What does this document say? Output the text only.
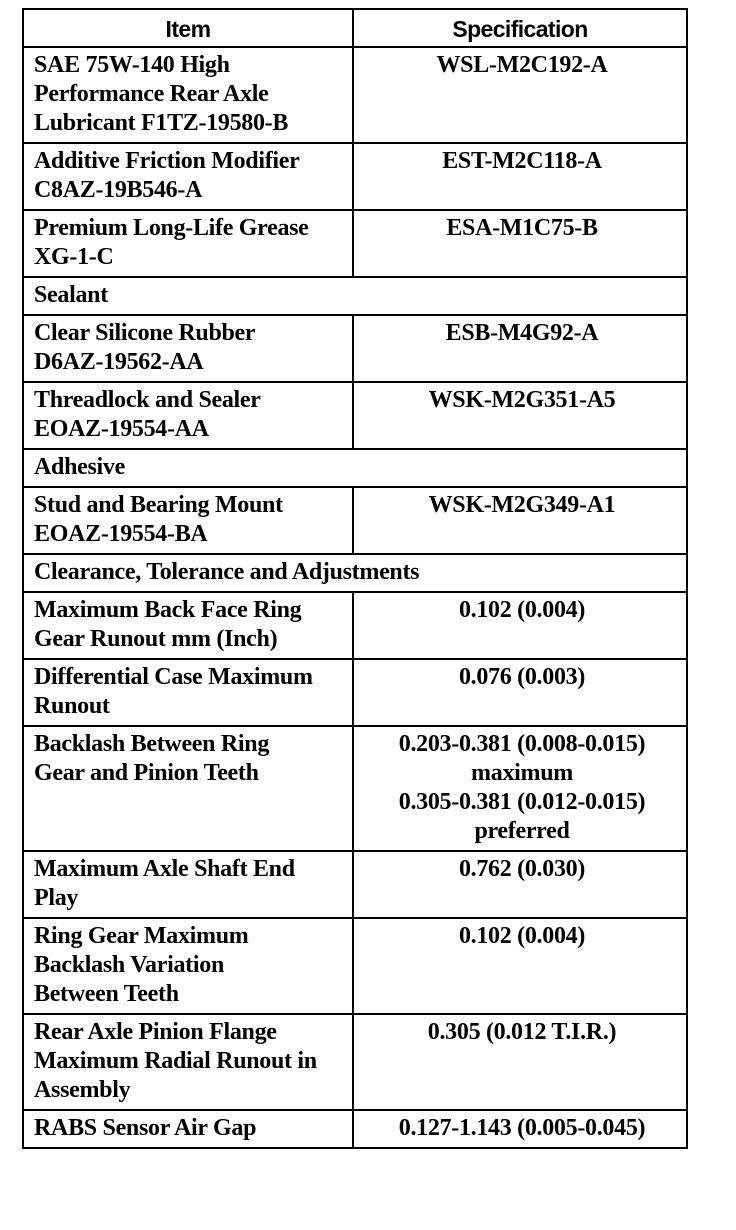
Item	Specification

SAE 75W-140 High
Performance Rear Axle
Lubricant F1TZ-19580-B	WSL-M2C192-A

Additive Friction Modifier
C8AZ-19B546-A	EST-M2C118-A

Premium Long-Life Grease
XG-1-C	ESA-M1C75-B

Sealant	

Clear Silicone Rubber
D6AZ-19562-AA	ESB-M4G92-A

Threadlock and Sealer
EOAZ-19554-AA	WSK-M2G351-A5

Adhesive	

Stud and Bearing Mount
EOAZ-19554-BA	WSK-M2G349-A1

Clearance, Tolerance and Adjustments	

Maximum Back Face Ring
Gear Runout mm (Inch)	0.102 (0.004)

Differential Case Maximum
Runout	0.076 (0.003)

Backlash Between Ring
Gear and Pinion Teeth	0.203-0.381 (0.008-0.015)
maximum
0.305-0.381 (0.012-0.015)
preferred

Maximum Axle Shaft End
Play	0.762 (0.030)

Ring Gear Maximum
Backlash Variation
Between Teeth	0.102 (0.004)

Rear Axle Pinion Flange
Maximum Radial Runout in
Assembly	0.305 (0.012 T.I.R.)

RABS Sensor Air Gap	0.127-1.143 (0.005-0.045)
